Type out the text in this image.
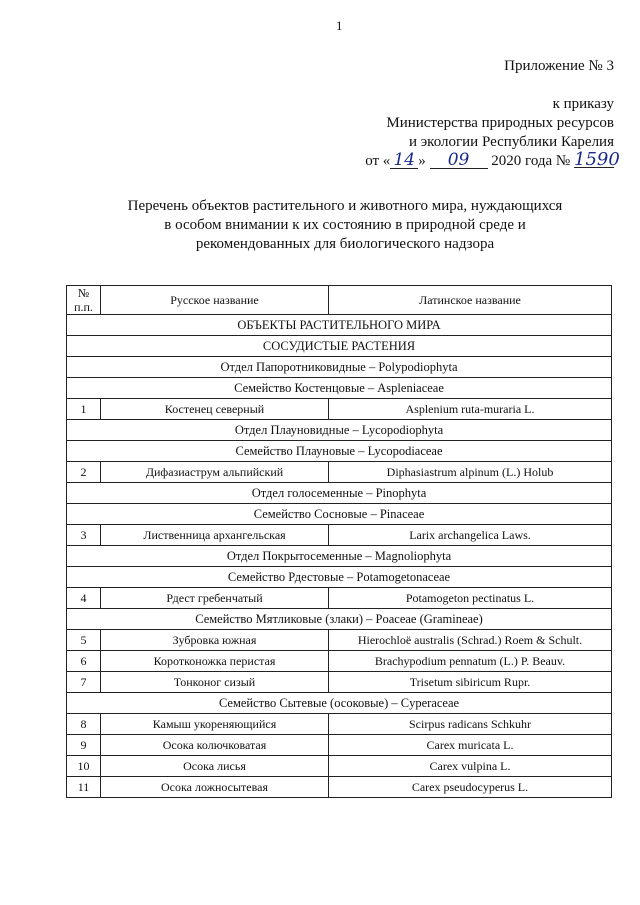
1
Приложение № 3
к приказу
Министерства природных ресурсов
и экологии Республики Карелия
от « 14 » 09 2020 года № 1590
Перечень объектов растительного и животного мира, нуждающихся
в особом внимании к их состоянию в природной среде и
рекомендованных для биологического надзора
№ п.п.	Русское название	Латинское название
ОБЪЕКТЫ РАСТИТЕЛЬНОГО МИРА		
СОСУДИСТЫЕ РАСТЕНИЯ		
Отдел Папоротниковидные – Polypodiophyta		
Семейство Костенцовые – Aspleniaceae		
1	Костенец северный	Asplenium ruta-muraria L.
Отдел Плауновидные – Lycopodiophyta		
Семейство Плауновые – Lycopodiaceae		
2	Дифазиаструм альпийский	Diphasiastrum alpinum (L.) Holub
Отдел голосеменные – Pinophyta		
Семейство Сосновые – Pinaceae		
3	Лиственница архангельская	Larix archangelica Laws.
Отдел Покрытосеменные – Magnoliophyta		
Семейство Рдестовые – Potamogetonaceae		
4	Рдест гребенчатый	Potamogeton pectinatus L.
Семейство Мятликовые (злаки) – Poaceae (Gramineae)		
5	Зубровка южная	Hierochloë australis (Schrad.) Roem & Schult.
6	Коротконожка перистая	Brachypodium pennatum (L.) P. Beauv.
7	Тонконог сизый	Trisetum sibiricum Rupr.
Семейство Сытевые (осоковые) – Cyperaceae		
8	Камыш укореняющийся	Scirpus radicans Schkuhr
9	Осока колючковатая	Carex muricata L.
10	Осока лисья	Carex vulpina L.
11	Осока ложносытевая	Carex pseudocyperus L.
